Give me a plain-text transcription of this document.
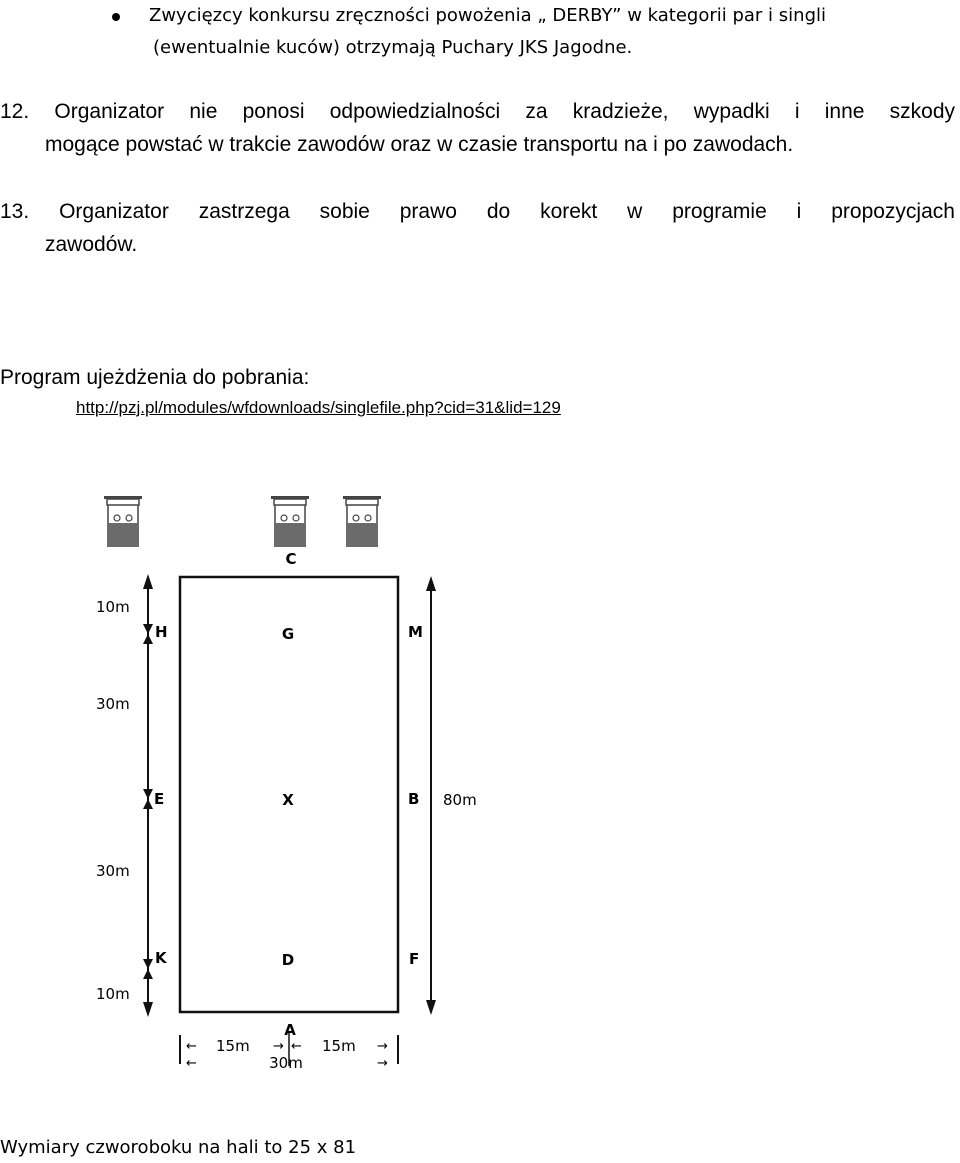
Zwycięzcy konkursu zręczności powożenia „ DERBY” w kategorii par i singli
(ewentualnie kuców) otrzymają Puchary JKS Jagodne.
12. Organizator nie ponosi odpowiedzialności za kradzieże, wypadki i inne szkody
mogące powstać w trakcie zawodów oraz w czasie transportu na i po zawodach.
13. Organizator zastrzega sobie prawo do korekt w programie i propozycjach
zawodów.
Program ujeżdżenia do pobrania:
http://pzj.pl/modules/wfdownloads/singlefile.php?cid=31&lid=129
←
←
→ ←	→
→
C
G
X
D
A
H
E
K
M
B
F
10m
30m
30m
10m
80m
15m	15m
30m
Wymiary czworoboku na hali to 25 x 81
